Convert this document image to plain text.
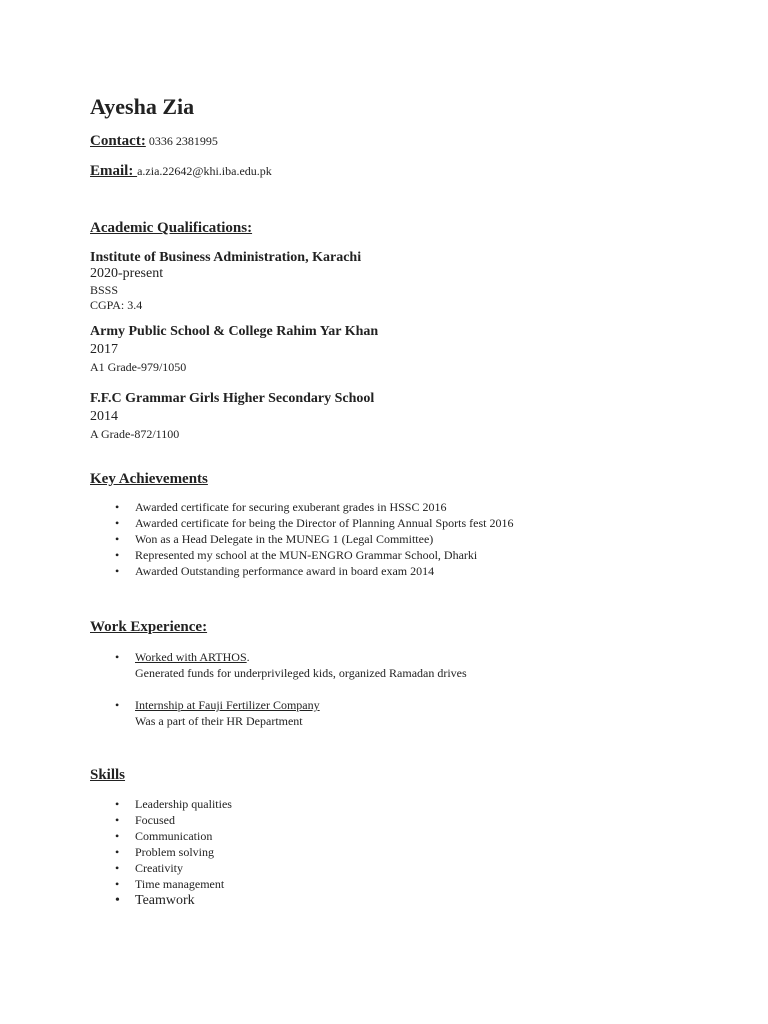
Ayesha Zia
Contact: 0336 2381995
Email: a.zia.22642@khi.iba.edu.pk
Academic Qualifications:
Institute of Business Administration, Karachi
2020-present
BSSS
CGPA: 3.4
Army Public School & College Rahim Yar Khan
2017
A1 Grade-979/1050
F.F.C Grammar Girls Higher Secondary School
2014
A Grade-872/1100
Key Achievements
• Awarded certificate for securing exuberant grades in HSSC 2016
• Awarded certificate for being the Director of Planning Annual Sports fest 2016
• Won as a Head Delegate in the MUNEG 1 (Legal Committee)
• Represented my school at the MUN-ENGRO Grammar School, Dharki
• Awarded Outstanding performance award in board exam 2014
Work Experience:
• Worked with ARTHOS.
Generated funds for underprivileged kids, organized Ramadan drives
• Internship at Fauji Fertilizer Company
Was a part of their HR Department
Skills
• Leadership qualities
• Focused
• Communication
• Problem solving
• Creativity
• Time management
• Teamwork
